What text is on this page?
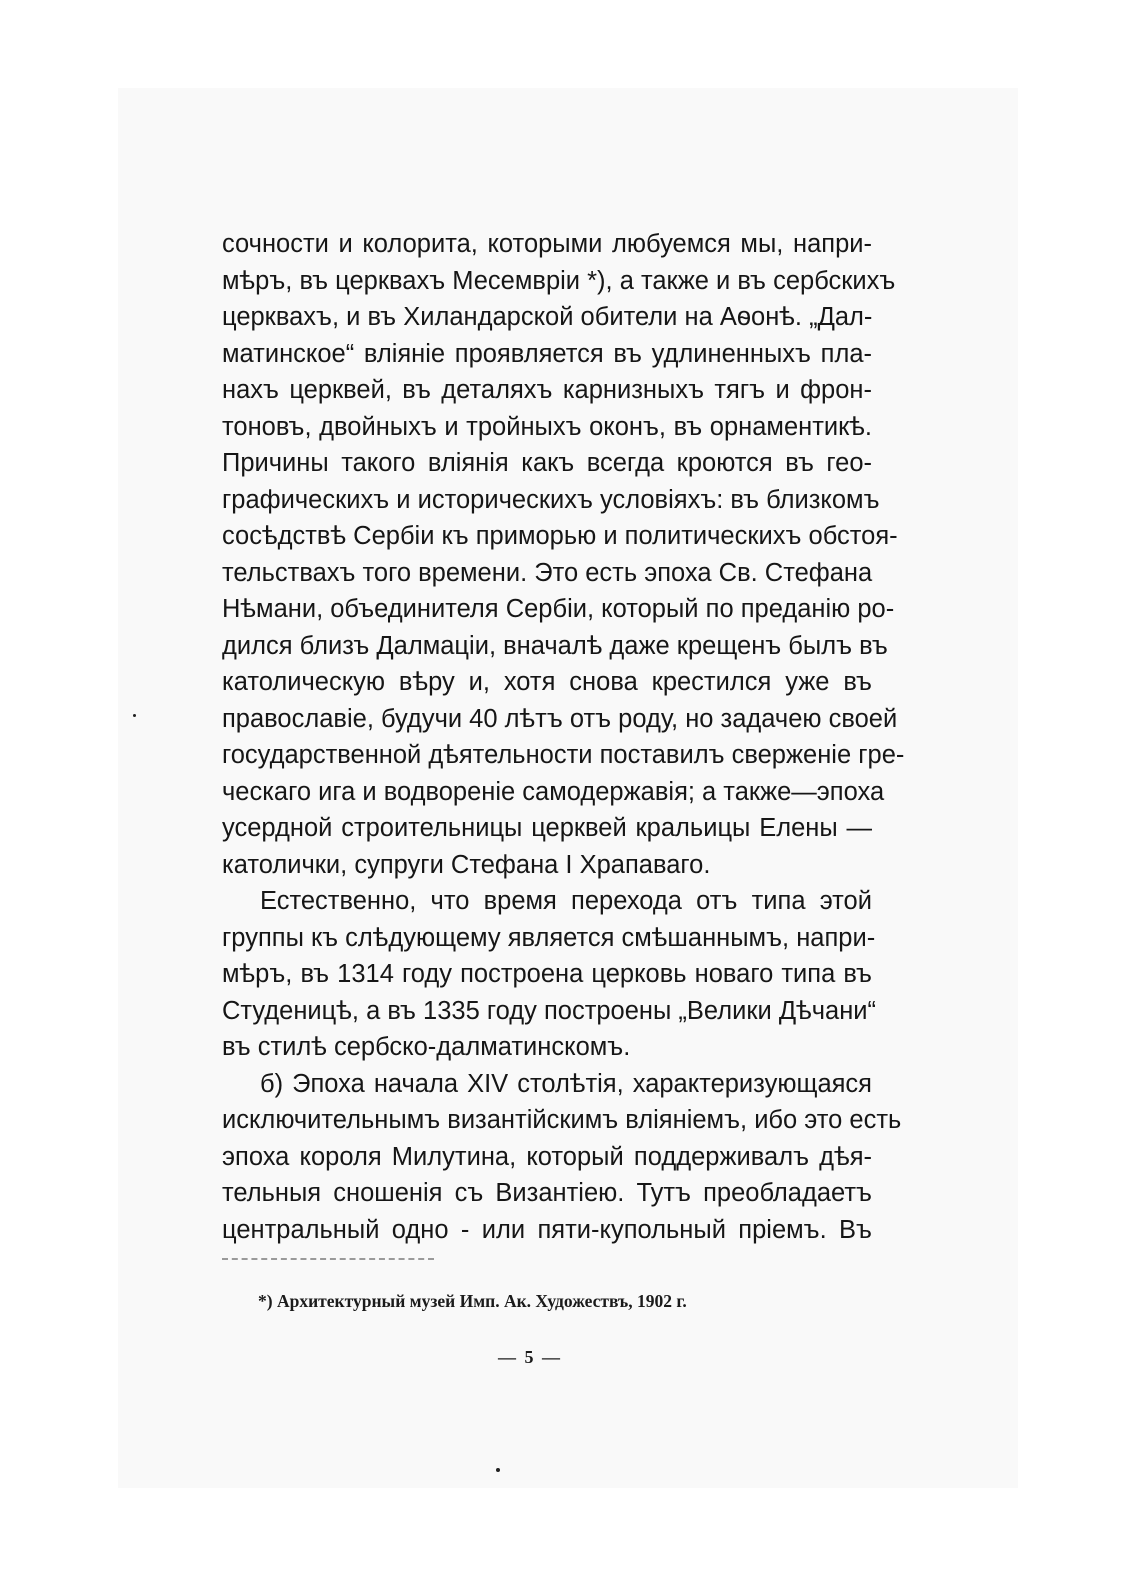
сочности и колорита, которыми любуемся мы, напри-
мѣръ, въ церквахъ Месемвріи *), а также и въ сербскихъ
церквахъ, и въ Хиландарской обители на Аѳонѣ. „Дал-
матинское“ вліяніе проявляется въ удлиненныхъ пла-
нахъ церквей, въ деталяхъ карнизныхъ тягъ и фрон-
тоновъ, двойныхъ и тройныхъ оконъ, въ орнаментикѣ.
Причины такого вліянія какъ всегда кроются въ гео-
графическихъ и историческихъ условіяхъ: въ близкомъ
сосѣдствѣ Сербіи къ приморью и политическихъ обстоя-
тельствахъ того времени. Это есть эпоха Св. Стефана
Нѣмани, объединителя Сербіи, который по преданію ро-
дился близъ Далмаціи, вначалѣ даже крещенъ былъ въ
католическую вѣру и, хотя снова крестился уже въ
православіе, будучи 40 лѣтъ отъ роду, но задачею своей
государственной дѣятельности поставилъ сверженіе гре-
ческаго ига и водвореніе самодержавія; а также—эпоха
усердной строительницы церквей кральицы Елены —
католички, супруги Стефана I Храпаваго.
Естественно, что время перехода отъ типа этой
группы къ слѣдующему является смѣшаннымъ, напри-
мѣръ, въ 1314 году построена церковь новаго типа въ
Студеницѣ, а въ 1335 году построены „Велики Дѣчани“
въ стилѣ сербско-далматинскомъ.
б) Эпоха начала XIV столѣтія, характеризующаяся
исключительнымъ византійскимъ вліяніемъ, ибо это есть
эпоха короля Милутина, который поддерживалъ дѣя-
тельныя сношенія съ Византіею. Тутъ преобладаетъ
центральный одно - или пяти-купольный пріемъ. Въ
*) Архитектурный музей Имп. Ак. Художествъ, 1902 г.
— 5 —
